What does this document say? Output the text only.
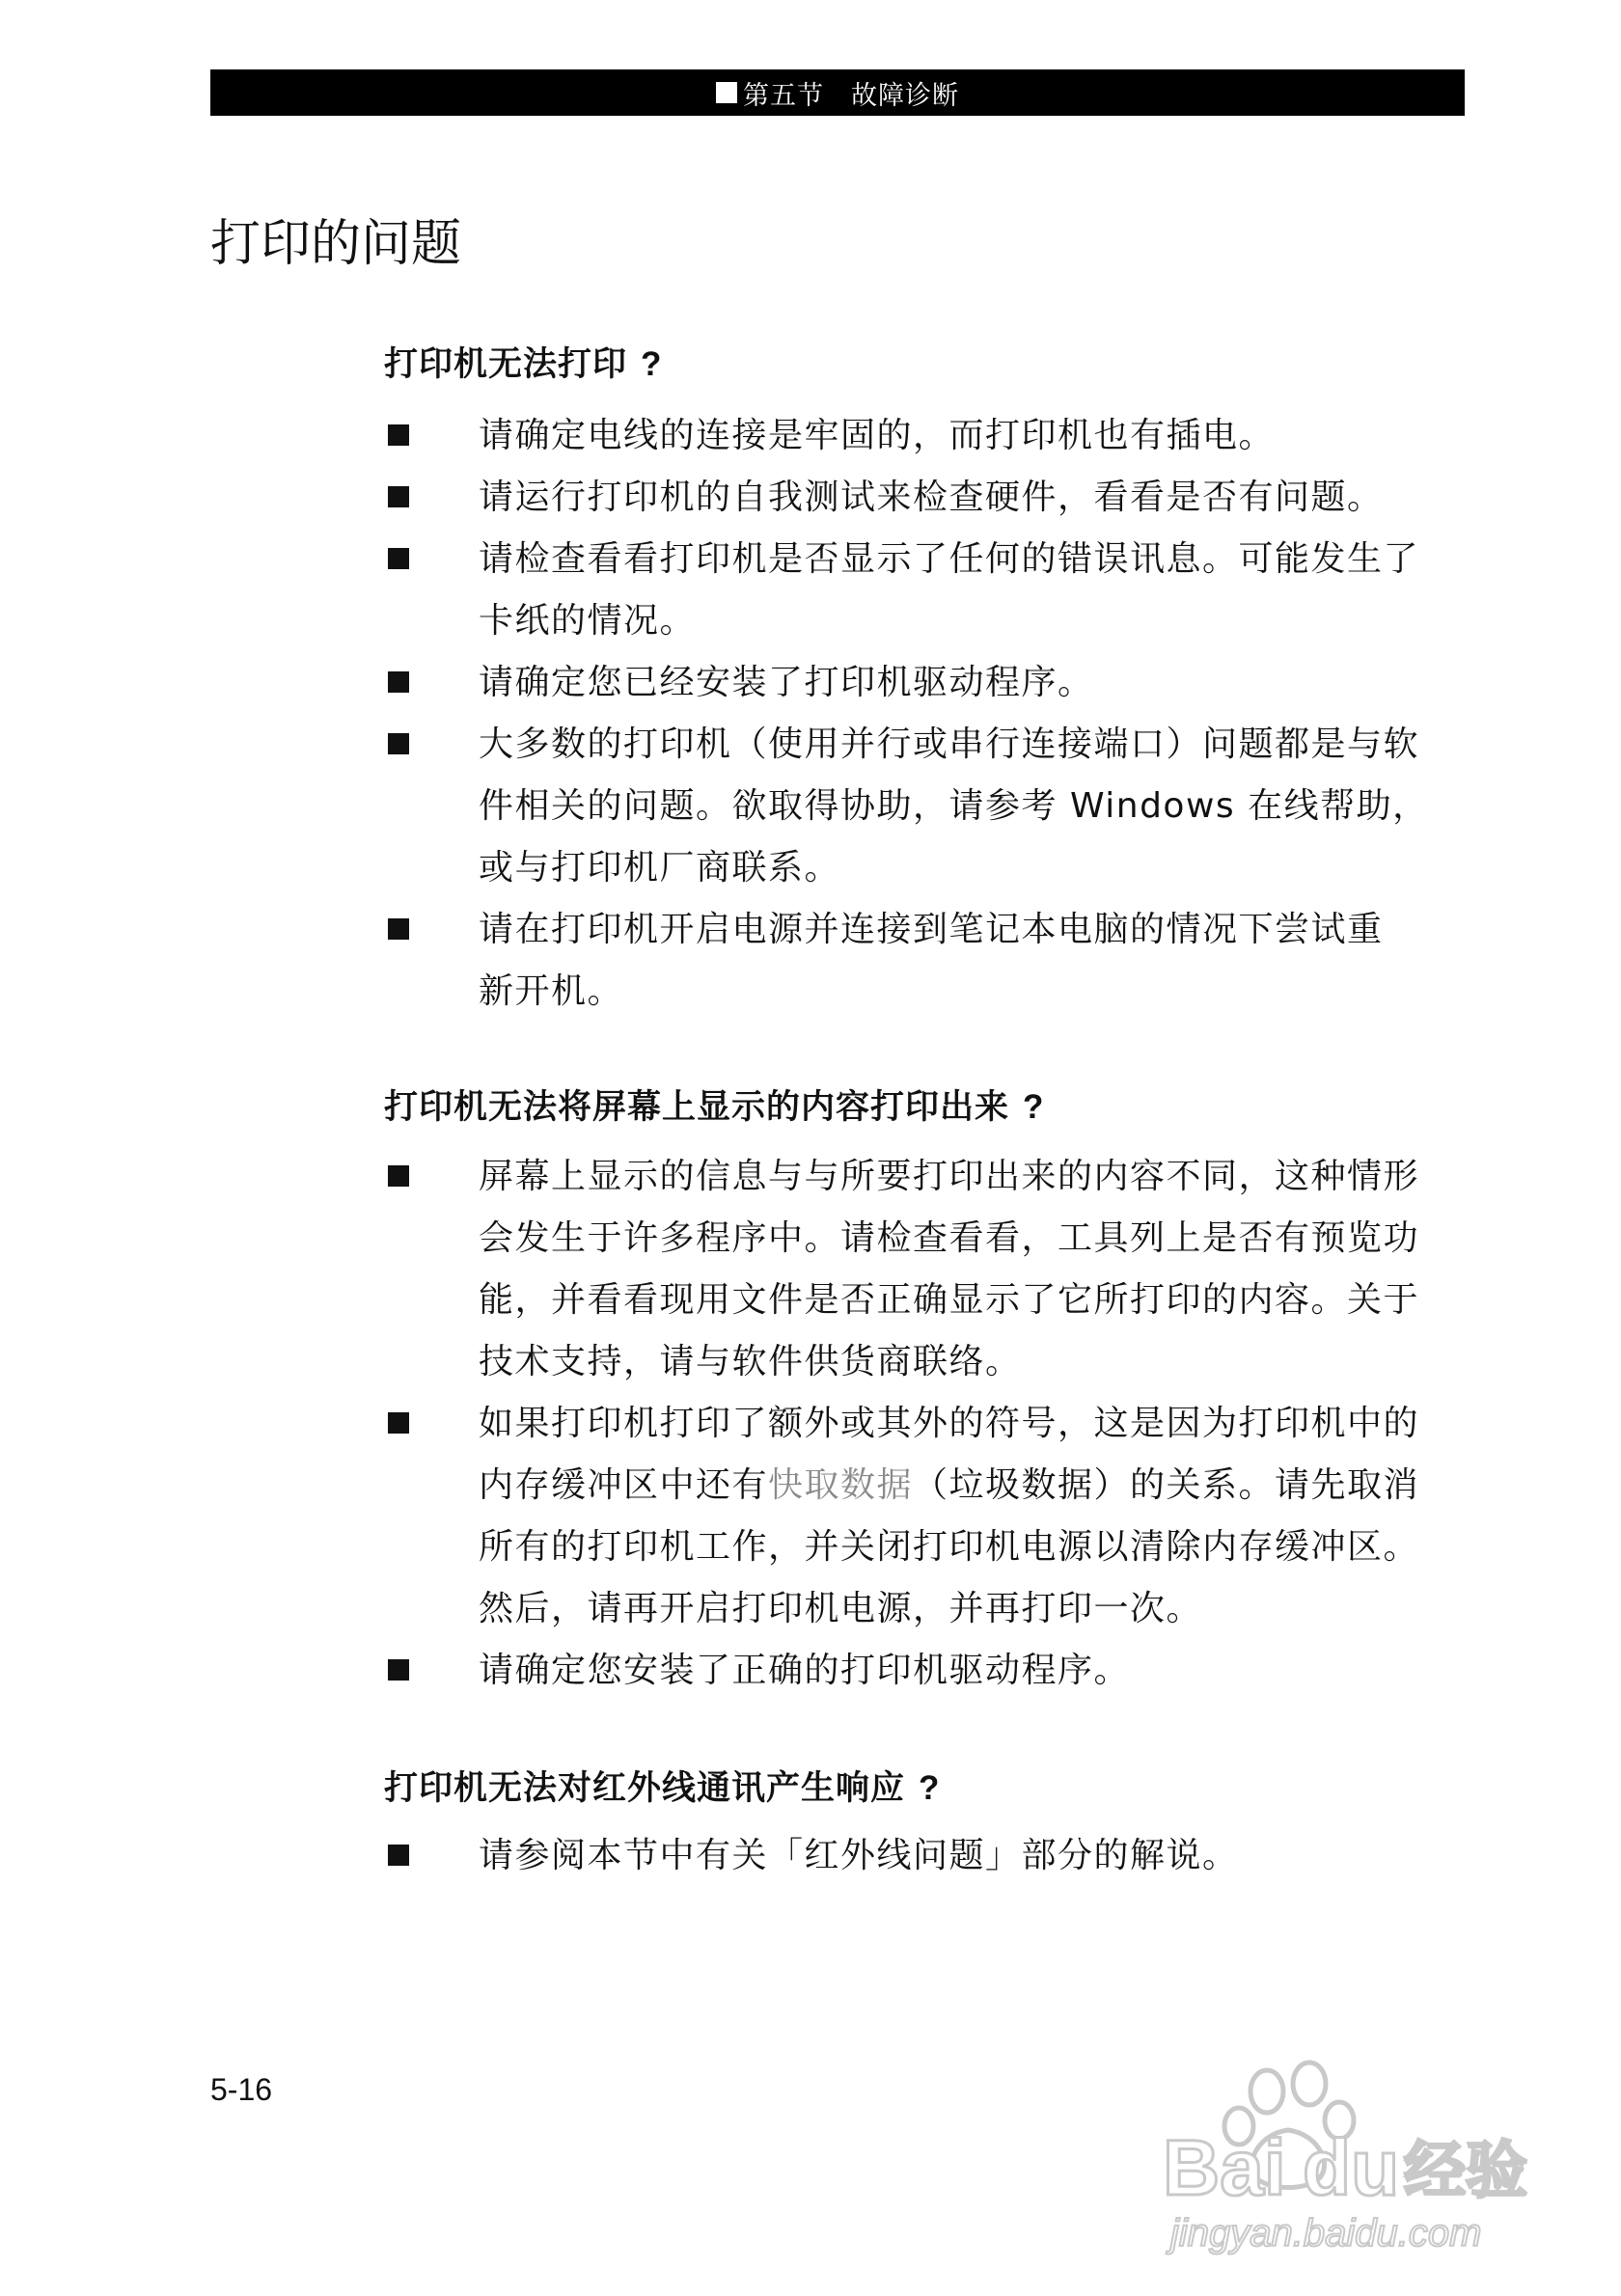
第五节　故障诊断
打印的问题
打印机无法打印 ?
请确定电线的连接是牢固的，而打印机也有插电。
请运行打印机的自我测试来检查硬件，看看是否有问题。
请检查看看打印机是否显示了任何的错误讯息。可能发生了
卡纸的情况。
请确定您已经安装了打印机驱动程序。
大多数的打印机（使用并行或串行连接端口）问题都是与软
件相关的问题。欲取得协助，请参考 Windows 在线帮助，
或与打印机厂商联系。
请在打印机开启电源并连接到笔记本电脑的情况下尝试重
新开机。
打印机无法将屏幕上显示的内容打印出来 ?
屏幕上显示的信息与与所要打印出来的内容不同，这种情形
会发生于许多程序中。请检查看看，工具列上是否有预览功
能，并看看现用文件是否正确显示了它所打印的内容。关于
技术支持，请与软件供货商联络。
如果打印机打印了额外或其外的符号，这是因为打印机中的
内存缓冲区中还有快取数据（垃圾数据）的关系。请先取消
所有的打印机工作，并关闭打印机电源以清除内存缓冲区。
然后，请再开启打印机电源，并再打印一次。
请确定您安装了正确的打印机驱动程序。
打印机无法对红外线通讯产生响应 ?
请参阅本节中有关「红外线问题」部分的解说。
5-16
Bai du 经验
jingyan.baidu.com
